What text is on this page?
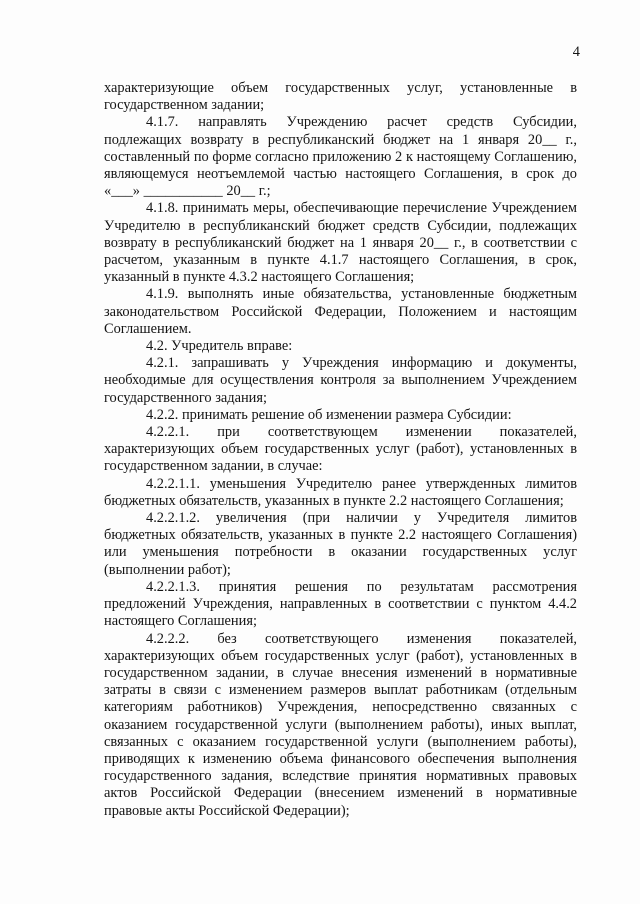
4

характеризующие объем государственных услуг, установленные в государственном задании;

4.1.7. направлять Учреждению расчет средств Субсидии, подлежащих возврату в республиканский бюджет на 1 января 20__ г., составленный по форме согласно приложению 2 к настоящему Соглашению, являющемуся неотъемлемой частью настоящего Соглашения, в срок до «___» ___________ 20__ г.;

4.1.8. принимать меры, обеспечивающие перечисление Учреждением Учредителю в республиканский бюджет средств Субсидии, подлежащих возврату в республиканский бюджет на 1 января 20__ г., в соответствии с расчетом, указанным в пункте 4.1.7 настоящего Соглашения, в срок, указанный в пункте 4.3.2 настоящего Соглашения;

4.1.9. выполнять иные обязательства, установленные бюджетным законодательством Российской Федерации, Положением и настоящим Соглашением.

4.2. Учредитель вправе:

4.2.1. запрашивать у Учреждения информацию и документы, необходимые для осуществления контроля за выполнением Учреждением государственного задания;

4.2.2. принимать решение об изменении размера Субсидии:

4.2.2.1. при соответствующем изменении показателей, характеризующих объем государственных услуг (работ), установленных в государственном задании, в случае:

4.2.2.1.1. уменьшения Учредителю ранее утвержденных лимитов бюджетных обязательств, указанных в пункте 2.2 настоящего Соглашения;

4.2.2.1.2. увеличения (при наличии у Учредителя лимитов бюджетных обязательств, указанных в пункте 2.2 настоящего Соглашения) или уменьшения потребности в оказании государственных услуг (выполнении работ);

4.2.2.1.3. принятия решения по результатам рассмотрения предложений Учреждения, направленных в соответствии с пунктом 4.4.2 настоящего Соглашения;

4.2.2.2. без соответствующего изменения показателей, характеризующих объем государственных услуг (работ), установленных в государственном задании, в случае внесения изменений в нормативные затраты в связи с изменением размеров выплат работникам (отдельным категориям работников) Учреждения, непосредственно связанных с оказанием государственной услуги (выполнением работы), иных выплат, связанных с оказанием государственной услуги (выполнением работы), приводящих к изменению объема финансового обеспечения выполнения государственного задания, вследствие принятия нормативных правовых актов Российской Федерации (внесением изменений в нормативные правовые акты Российской Федерации);
